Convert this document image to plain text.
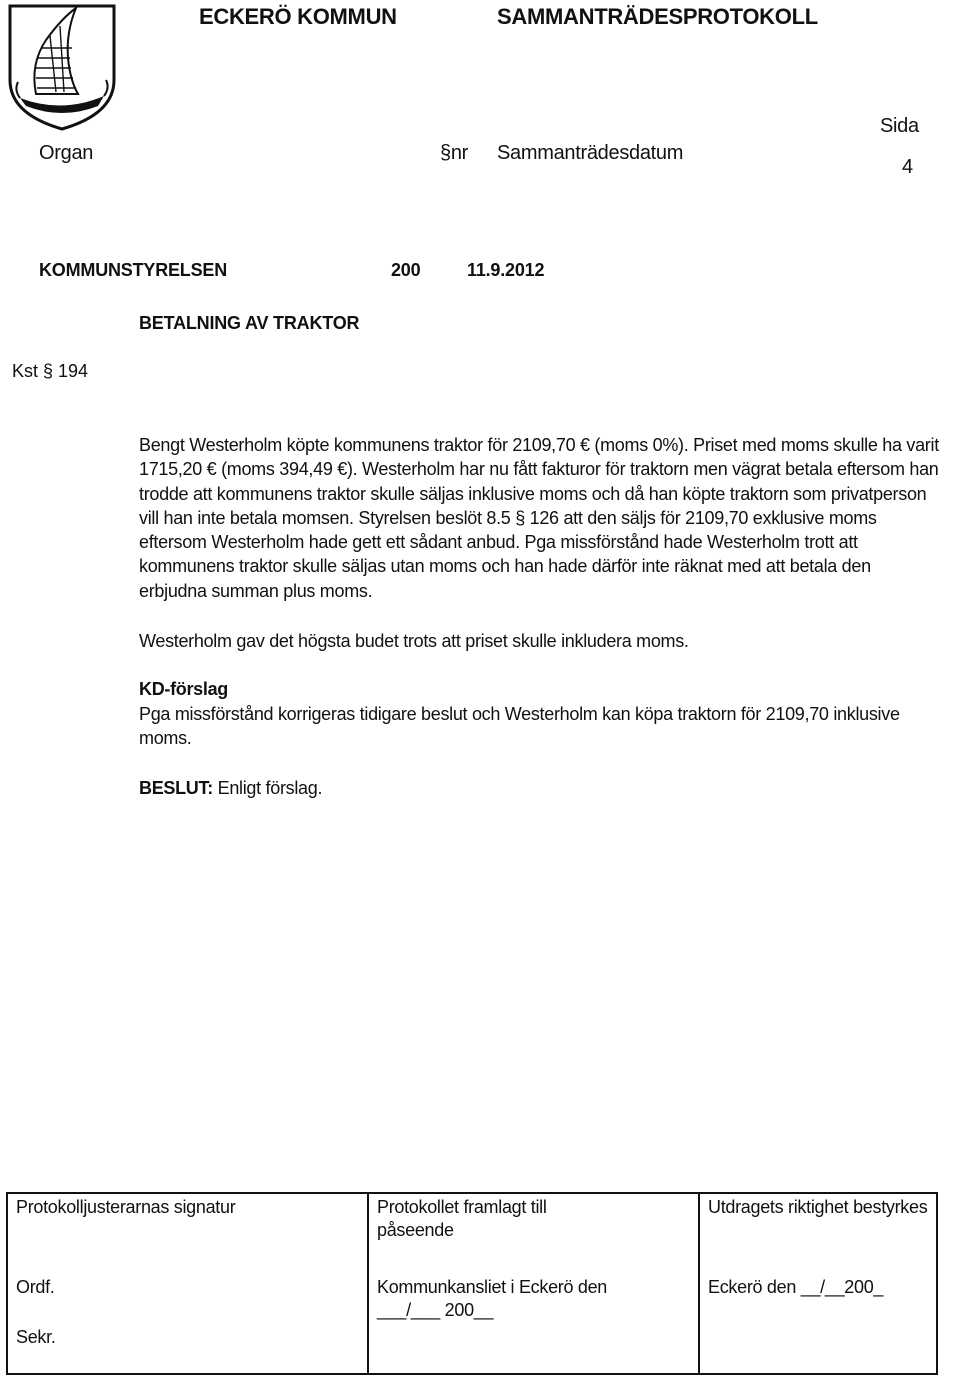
ECKERÖ KOMMUN	SAMMANTRÄDESPROTOKOLL
Organ	§nr Sammanträdesdatum
Sida
4
KOMMUNSTYRELSEN	200	11.9.2012
BETALNING AV TRAKTOR
Kst § 194

Bengt Westerholm köpte kommunens traktor för 2109,70 € (moms 0%). Priset med moms skulle ha varit 1715,20 € (moms 394,49 €). Westerholm har nu fått fakturor för traktorn men vägrat betala eftersom han trodde att kommunens traktor skulle säljas inklusive moms och då han köpte traktorn som privatperson vill han inte betala momsen. Styrelsen beslöt 8.5 § 126 att den säljs för 2109,70 exklusive moms eftersom Westerholm hade gett ett sådant anbud. Pga missförstånd hade Westerholm trott att kommunens traktor skulle säljas utan moms och han hade därför inte räknat med att betala den erbjudna summan plus moms.

Westerholm gav det högsta budet trots att priset skulle inkludera moms.

KD-förslag

Pga missförstånd korrigeras tidigare beslut och Westerholm kan köpa traktorn för 2109,70 inklusive moms.

BESLUT: Enligt förslag.

Protokolljusterarnas signatur
Ordf.
Sekr.
Protokollet framlagt till påseende
Kommunkansliet i Eckerö den ___/___ 200__
Utdragets riktighet bestyrkes
Eckerö den __/__200_
